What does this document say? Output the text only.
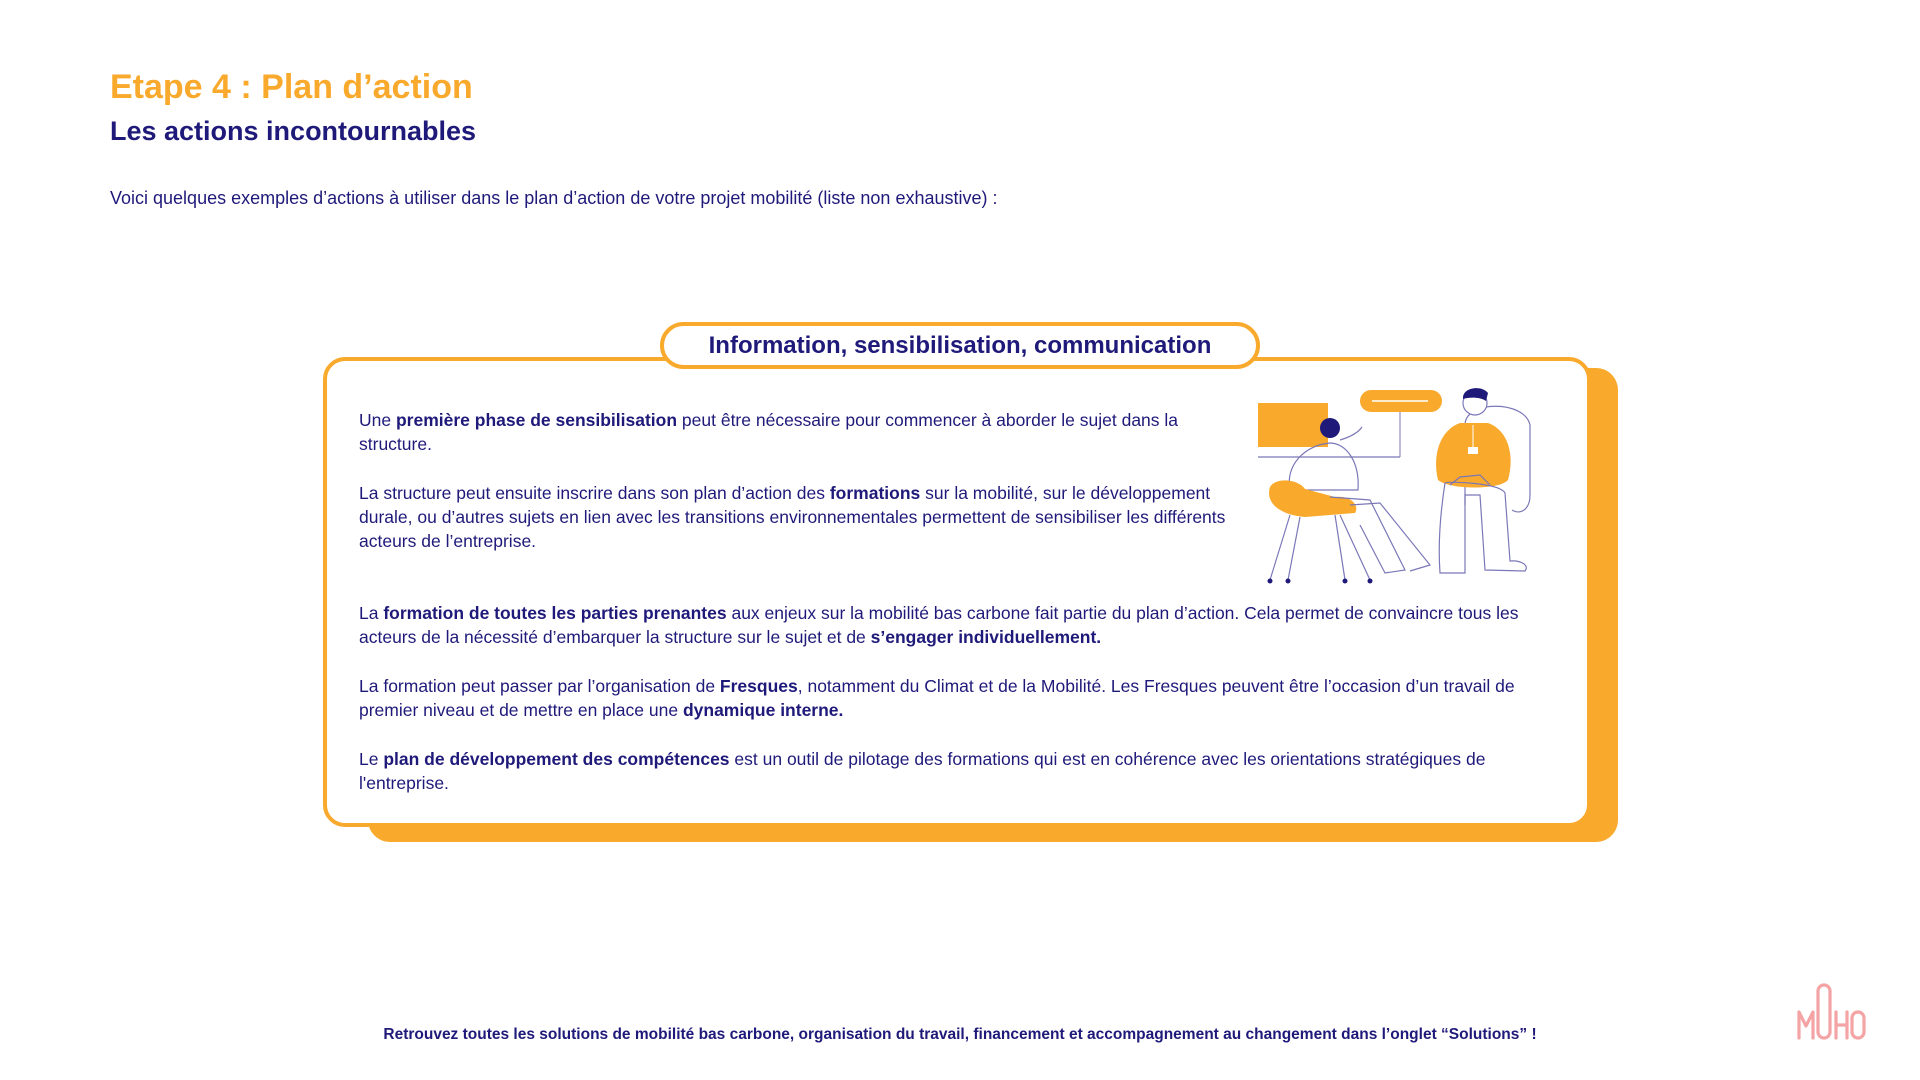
Etape 4 : Plan d’action
Les actions incontournables

Voici quelques exemples d’actions à utiliser dans le plan d’action de votre projet mobilité (liste non exhaustive) :

Information, sensibilisation, communication

Une première phase de sensibilisation peut être nécessaire pour commencer à aborder le sujet dans la structure.

La structure peut ensuite inscrire dans son plan d’action des formations sur la mobilité, sur le développement durale, ou d’autres sujets en lien avec les transitions environnementales permettent de sensibiliser les différents acteurs de l’entreprise.

La formation de toutes les parties prenantes aux enjeux sur la mobilité bas carbone fait partie du plan d’action. Cela permet de convaincre tous les acteurs de la nécessité d’embarquer la structure sur le sujet et de s’engager individuellement.

La formation peut passer par l’organisation de Fresques, notamment du Climat et de la Mobilité. Les Fresques peuvent être l’occasion d’un travail de premier niveau et de mettre en place une dynamique interne.

Le plan de développement des compétences est un outil de pilotage des formations qui est en cohérence avec les orientations stratégiques de l'entreprise.

Retrouvez toutes les solutions de mobilité bas carbone, organisation du travail, financement et accompagnement au changement dans l’onglet “Solutions” !

MOHO
